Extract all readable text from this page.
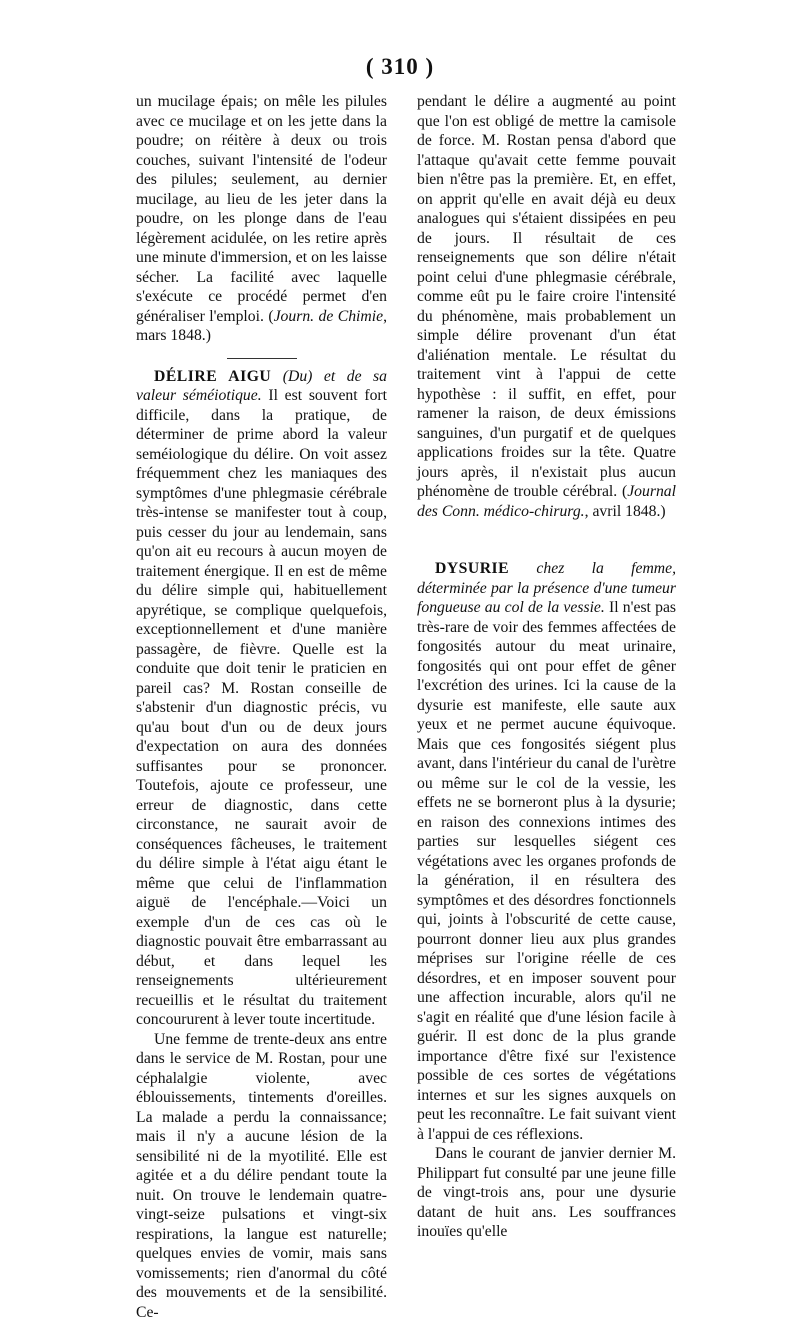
( 310 )

un mucilage épais; on mêle les pilules avec ce mucilage et on les jette dans la poudre; on réitère à deux ou trois couches, suivant l'intensité de l'odeur des pilules; seulement, au dernier mucilage, au lieu de les jeter dans la poudre, on les plonge dans de l'eau légèrement acidulée, on les retire après une minute d'immersion, et on les laisse sécher. La facilité avec laquelle s'exécute ce procédé permet d'en généraliser l'emploi. (Journ. de Chimie, mars 1848.)

DÉLIRE AIGU (Du) et de sa valeur séméiotique. Il est souvent fort difficile, dans la pratique, de déterminer de prime abord la valeur seméiologique du délire. On voit assez fréquemment chez les maniaques des symptômes d'une phlegmasie cérébrale très-intense se manifester tout à coup, puis cesser du jour au lendemain, sans qu'on ait eu recours à aucun moyen de traitement énergique. Il en est de même du délire simple qui, habituellement apyrétique, se complique quelquefois, exceptionnellement et d'une manière passagère, de fièvre. Quelle est la conduite que doit tenir le praticien en pareil cas? M. Rostan conseille de s'abstenir d'un diagnostic précis, vu qu'au bout d'un ou de deux jours d'expectation on aura des données suffisantes pour se prononcer. Toutefois, ajoute ce professeur, une erreur de diagnostic, dans cette circonstance, ne saurait avoir de conséquences fâcheuses, le traitement du délire simple à l'état aigu étant le même que celui de l'inflammation aiguë de l'encéphale.—Voici un exemple d'un de ces cas où le diagnostic pouvait être embarrassant au début, et dans lequel les renseignements ultérieurement recueillis et le résultat du traitement concoururent à lever toute incertitude.

Une femme de trente-deux ans entre dans le service de M. Rostan, pour une céphalalgie violente, avec éblouissements, tintements d'oreilles. La malade a perdu la connaissance; mais il n'y a aucune lésion de la sensibilité ni de la myotilité. Elle est agitée et a du délire pendant toute la nuit. On trouve le lendemain quatre-vingt-seize pulsations et vingt-six respirations, la langue est naturelle; quelques envies de vomir, mais sans vomissements; rien d'anormal du côté des mouvements et de la sensibilité. Ce-

pendant le délire a augmenté au point que l'on est obligé de mettre la camisole de force. M. Rostan pensa d'abord que l'attaque qu'avait cette femme pouvait bien n'être pas la première. Et, en effet, on apprit qu'elle en avait déjà eu deux analogues qui s'étaient dissipées en peu de jours. Il résultait de ces renseignements que son délire n'était point celui d'une phlegmasie cérébrale, comme eût pu le faire croire l'intensité du phénomène, mais probablement un simple délire provenant d'un état d'aliénation mentale. Le résultat du traitement vint à l'appui de cette hypothèse : il suffit, en effet, pour ramener la raison, de deux émissions sanguines, d'un purgatif et de quelques applications froides sur la tête. Quatre jours après, il n'existait plus aucun phénomène de trouble cérébral. (Journal des Conn. médico-chirurg., avril 1848.)

DYSURIE chez la femme, déterminée par la présence d'une tumeur fongueuse au col de la vessie. Il n'est pas très-rare de voir des femmes affectées de fongosités autour du meat urinaire, fongosités qui ont pour effet de gêner l'excrétion des urines. Ici la cause de la dysurie est manifeste, elle saute aux yeux et ne permet aucune équivoque. Mais que ces fongosités siégent plus avant, dans l'intérieur du canal de l'urètre ou même sur le col de la vessie, les effets ne se borneront plus à la dysurie; en raison des connexions intimes des parties sur lesquelles siégent ces végétations avec les organes profonds de la génération, il en résultera des symptômes et des désordres fonctionnels qui, joints à l'obscurité de cette cause, pourront donner lieu aux plus grandes méprises sur l'origine réelle de ces désordres, et en imposer souvent pour une affection incurable, alors qu'il ne s'agit en réalité que d'une lésion facile à guérir. Il est donc de la plus grande importance d'être fixé sur l'existence possible de ces sortes de végétations internes et sur les signes auxquels on peut les reconnaître. Le fait suivant vient à l'appui de ces réflexions.

Dans le courant de janvier dernier M. Philippart fut consulté par une jeune fille de vingt-trois ans, pour une dysurie datant de huit ans. Les souffrances inouïes qu'elle
